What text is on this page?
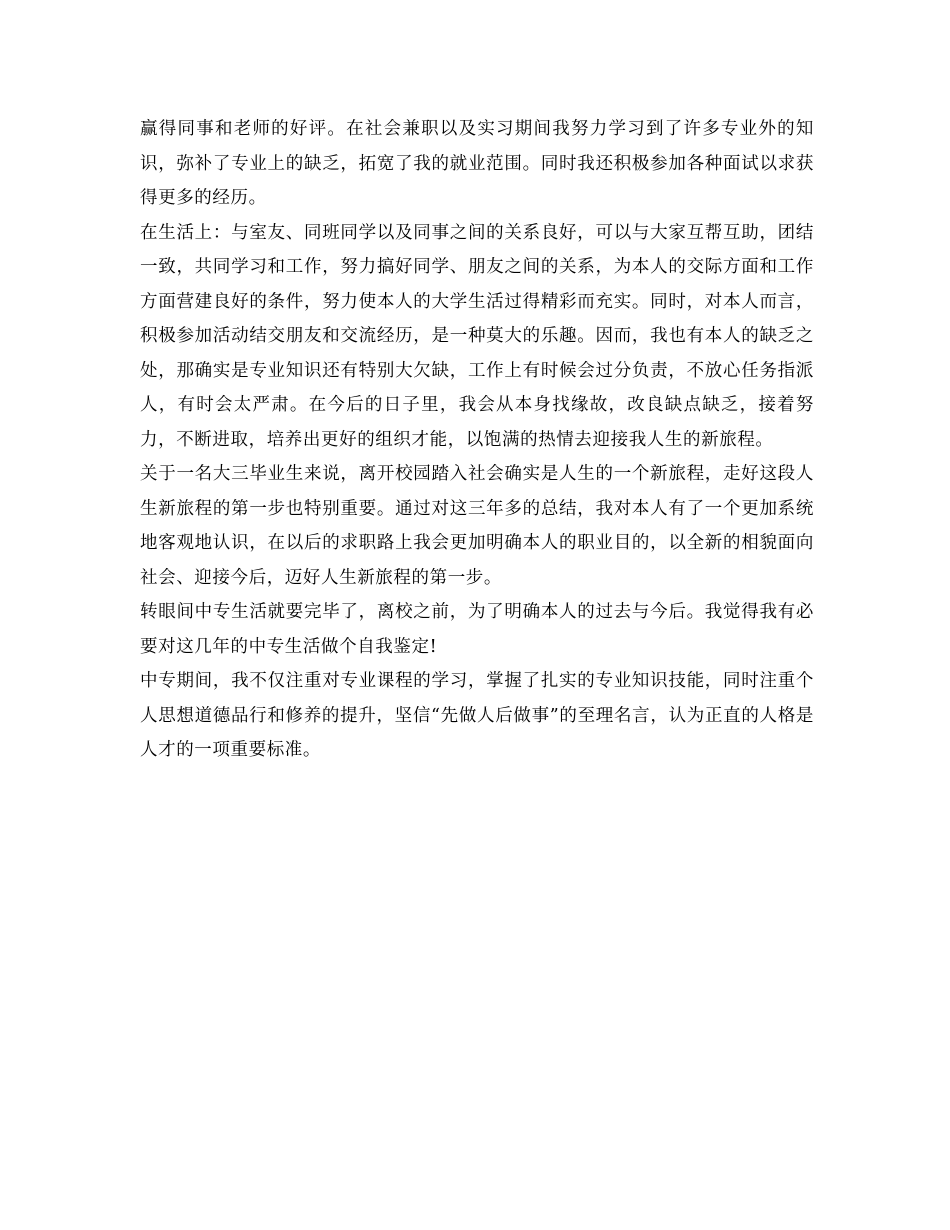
赢得同事和老师的好评。在社会兼职以及实习期间我努力学习到了许多专业外的知识，弥补了专业上的缺乏，拓宽了我的就业范围。同时我还积极参加各种面试以求获得更多的经历。

在生活上：与室友、同班同学以及同事之间的关系良好，可以与大家互帮互助，团结一致，共同学习和工作，努力搞好同学、朋友之间的关系，为本人的交际方面和工作方面营建良好的条件，努力使本人的大学生活过得精彩而充实。同时，对本人而言，积极参加活动结交朋友和交流经历，是一种莫大的乐趣。因而，我也有本人的缺乏之处，那确实是专业知识还有特别大欠缺，工作上有时候会过分负责，不放心任务指派人，有时会太严肃。在今后的日子里，我会从本身找缘故，改良缺点缺乏，接着努力，不断进取，培养出更好的组织才能，以饱满的热情去迎接我人生的新旅程。

关于一名大三毕业生来说，离开校园踏入社会确实是人生的一个新旅程，走好这段人生新旅程的第一步也特别重要。通过对这三年多的总结，我对本人有了一个更加系统地客观地认识，在以后的求职路上我会更加明确本人的职业目的，以全新的相貌面向社会、迎接今后，迈好人生新旅程的第一步。

转眼间中专生活就要完毕了，离校之前，为了明确本人的过去与今后。我觉得我有必要对这几年的中专生活做个自我鉴定!

中专期间，我不仅注重对专业课程的学习，掌握了扎实的专业知识技能，同时注重个人思想道德品行和修养的提升，坚信“先做人后做事”的至理名言，认为正直的人格是人才的一项重要标准。
